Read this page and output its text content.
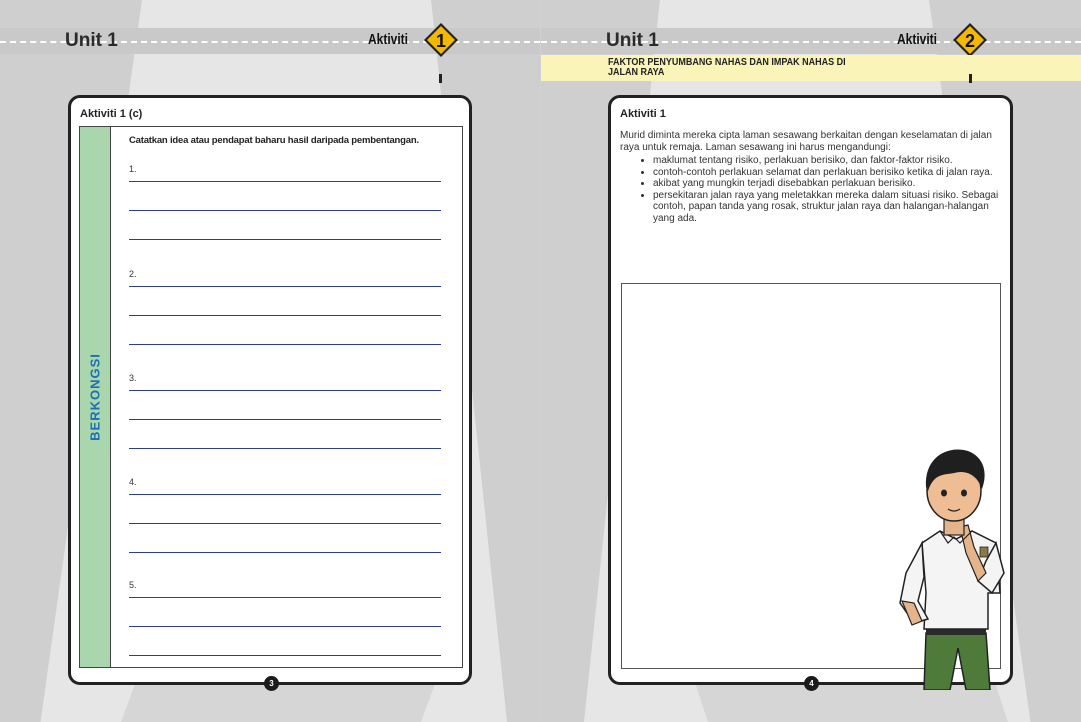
Unit 1	Aktiviti 1
Aktiviti 1 (c)
BERKONGSI
Catatkan idea atau pendapat baharu hasil daripada pembentangan.
1.
2.
3.
4.
5.
3
Unit 1	Aktiviti 2
FAKTOR PENYUMBANG NAHAS DAN IMPAK NAHAS DI JALAN RAYA
Aktiviti 1
Murid diminta mereka cipta laman sesawang berkaitan dengan keselamatan di jalan raya untuk remaja. Laman sesawang ini harus mengandungi:
• maklumat tentang risiko, perlakuan berisiko, dan faktor-faktor risiko.
• contoh-contoh perlakuan selamat dan perlakuan berisiko ketika di jalan raya.
• akibat yang mungkin terjadi disebabkan perlakuan berisiko.
• persekitaran jalan raya yang meletakkan mereka dalam situasi risiko. Sebagai contoh, papan tanda yang rosak, struktur jalan raya dan halangan-halangan yang ada.
4
